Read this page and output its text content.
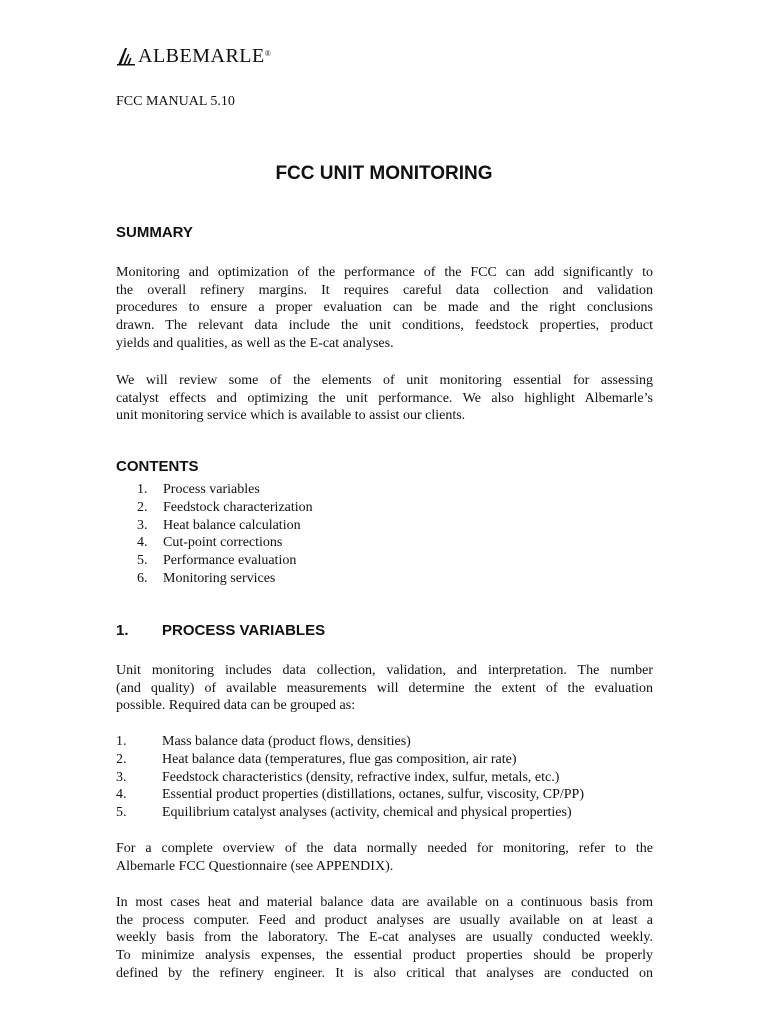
ALBEMARLE ®
FCC MANUAL 5.10
FCC UNIT MONITORING
SUMMARY
Monitoring and optimization of the performance of the FCC can add significantly to
the overall refinery margins. It requires careful data collection and validation
procedures to ensure a proper evaluation can be made and the right conclusions
drawn. The relevant data include the unit conditions, feedstock properties, product
yields and qualities, as well as the E-cat analyses.
We will review some of the elements of unit monitoring essential for assessing
catalyst effects and optimizing the unit performance. We also highlight Albemarle’s
unit monitoring service which is available to assist our clients.
CONTENTS
1.	Process variables
2.	Feedstock characterization
3.	Heat balance calculation
4.	Cut-point corrections
5.	Performance evaluation
6.	Monitoring services
1. PROCESS VARIABLES
Unit monitoring includes data collection, validation, and interpretation. The number
(and quality) of available measurements will determine the extent of the evaluation
possible. Required data can be grouped as:
1.	Mass balance data (product flows, densities)
2.	Heat balance data (temperatures, flue gas composition, air rate)
3.	Feedstock characteristics (density, refractive index, sulfur, metals, etc.)
4.	Essential product properties (distillations, octanes, sulfur, viscosity, CP/PP)
5.	Equilibrium catalyst analyses (activity, chemical and physical properties)
For a complete overview of the data normally needed for monitoring, refer to the
Albemarle FCC Questionnaire (see APPENDIX).
In most cases heat and material balance data are available on a continuous basis from
the process computer. Feed and product analyses are usually available on at least a
weekly basis from the laboratory. The E-cat analyses are usually conducted weekly.
To minimize analysis expenses, the essential product properties should be properly
defined by the refinery engineer. It is also critical that analyses are conducted on
